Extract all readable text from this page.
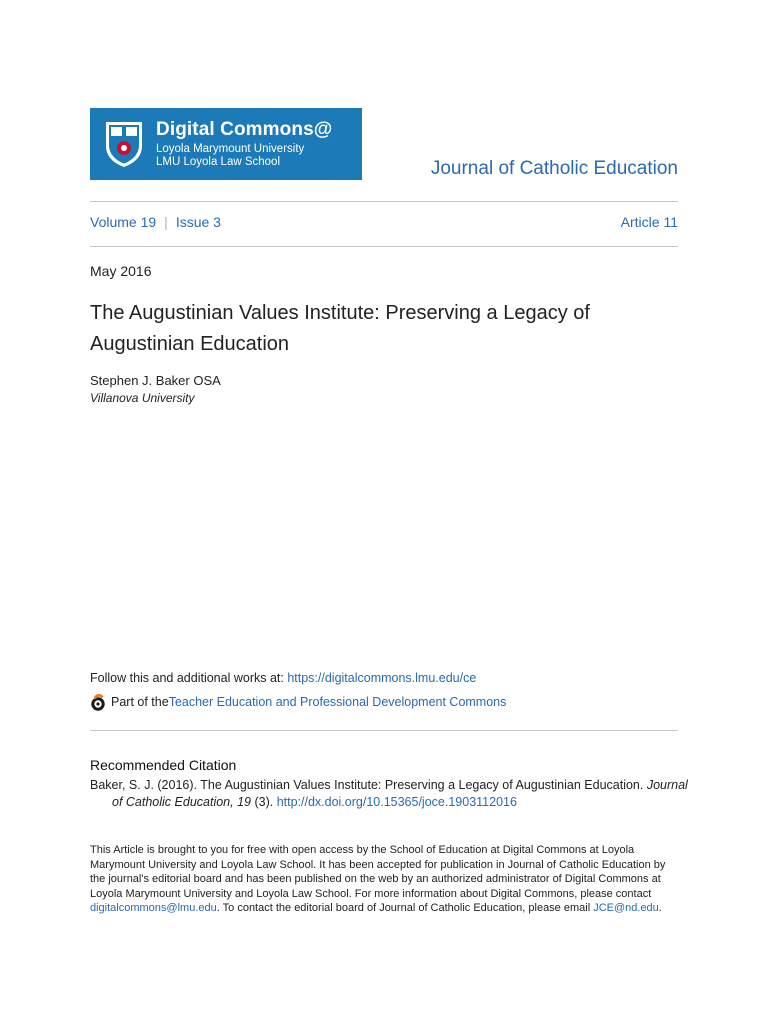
Digital Commons@
Loyola Marymount University
LMU Loyola Law School	Journal of Catholic Education
Volume 19 | Issue 3	Article 11
May 2016
The Augustinian Values Institute: Preserving a Legacy of Augustinian Education
Stephen J. Baker OSA
Villanova University
Follow this and additional works at: https://digitalcommons.lmu.edu/ce
Part of the Teacher Education and Professional Development Commons
Recommended Citation
Baker, S. J. (2016). The Augustinian Values Institute: Preserving a Legacy of Augustinian Education. Journal of Catholic Education, 19 (3). http://dx.doi.org/10.15365/joce.1903112016
This Article is brought to you for free with open access by the School of Education at Digital Commons at Loyola Marymount University and Loyola Law School. It has been accepted for publication in Journal of Catholic Education by the journal's editorial board and has been published on the web by an authorized administrator of Digital Commons at Loyola Marymount University and Loyola Law School. For more information about Digital Commons, please contact digitalcommons@lmu.edu. To contact the editorial board of Journal of Catholic Education, please email JCE@nd.edu.
